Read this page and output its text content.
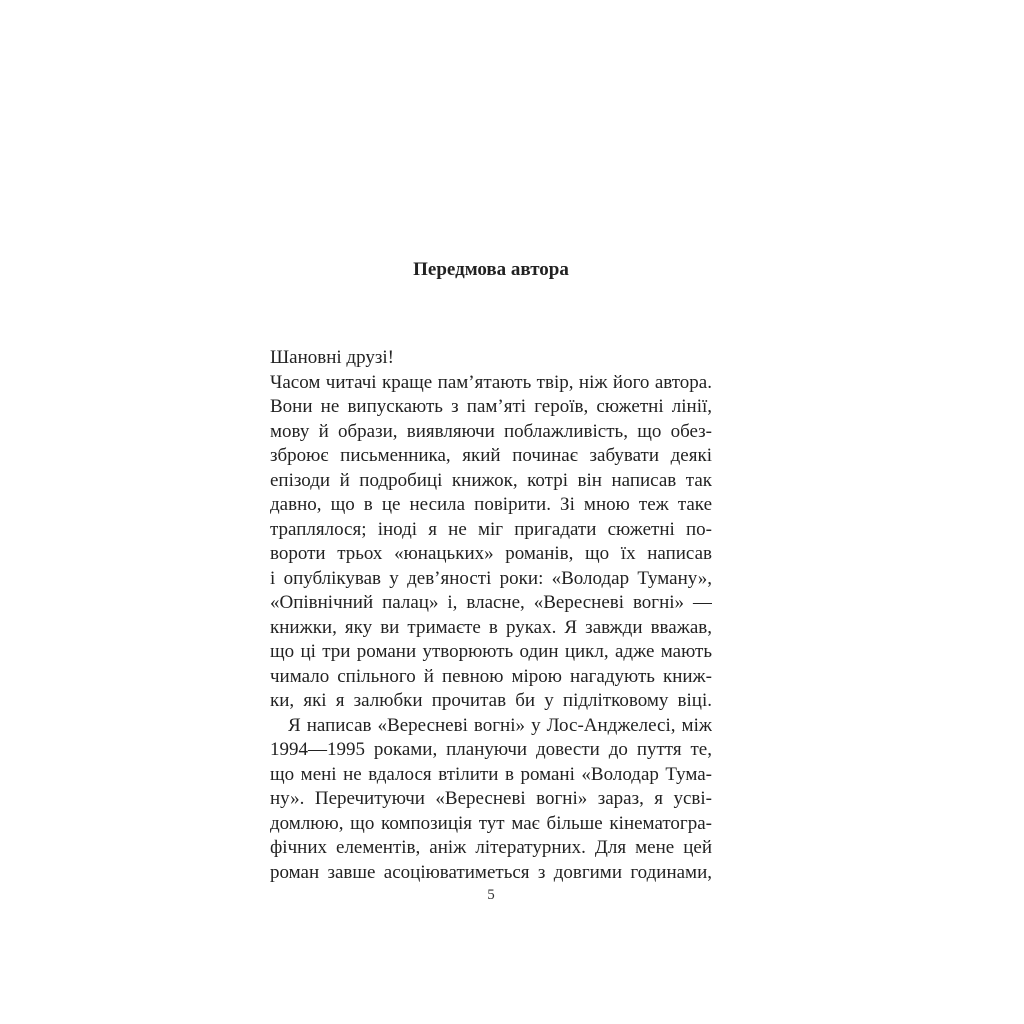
Передмова автора
Шановні друзі!
Часом читачі краще пам’ятають твір, ніж його автора.
Вони не випускають з пам’яті героїв, сюжетні лінії,
мову й образи, виявляючи поблажливість, що обез-
зброює письменника, який починає забувати деякі
епізоди й подробиці книжок, котрі він написав так
давно, що в це несила повірити. Зі мною теж таке
траплялося; іноді я не міг пригадати сюжетні по-
вороти трьох «юнацьких» романів, що їх написав
і опублікував у дев’яності роки: «Володар Туману»,
«Опівнічний палац» і, власне, «Вересневі вогні» —
книжки, яку ви тримаєте в руках. Я завжди вважав,
що ці три романи утворюють один цикл, адже мають
чимало спільного й певною мірою нагадують книж-
ки, які я залюбки прочитав би у підлітковому віці.
Я написав «Вересневі вогні» у Лос-Анджелесі, між
1994—1995 роками, плануючи довести до пуття те,
що мені не вдалося втілити в романі «Володар Тума-
ну». Перечитуючи «Вересневі вогні» зараз, я усві-
домлюю, що композиція тут має більше кінематогра-
фічних елементів, аніж літературних. Для мене цей
роман завше асоціюватиметься з довгими годинами,
5
